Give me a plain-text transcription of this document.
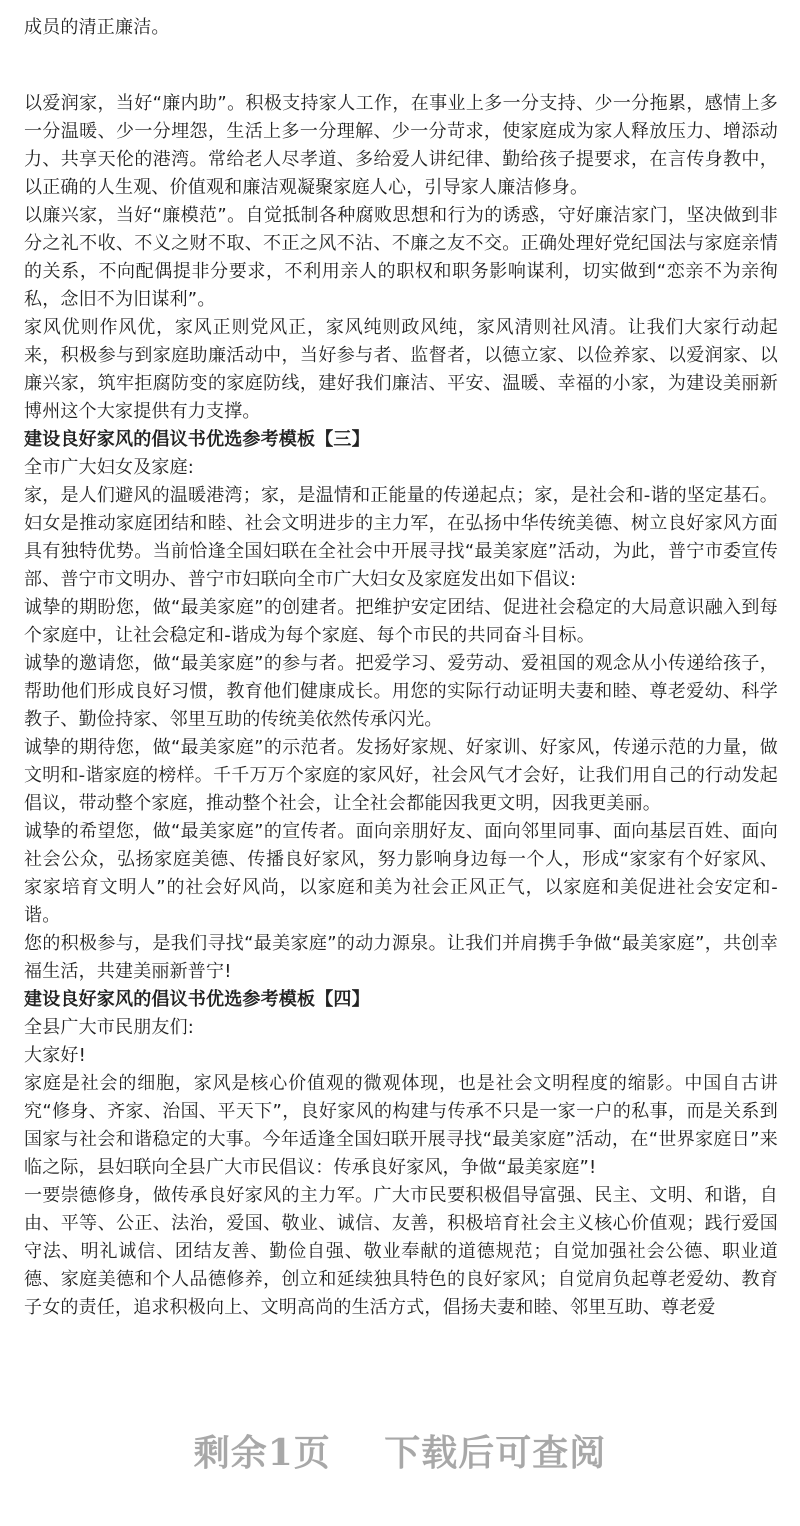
成员的清正廉洁。

以爱润家，当好“廉内助”。积极支持家人工作，在事业上多一分支持、少一分拖累，感情上多一分温暖、少一分埋怨，生活上多一分理解、少一分苛求，使家庭成为家人释放压力、增添动力、共享天伦的港湾。常给老人尽孝道、多给爱人讲纪律、勤给孩子提要求，在言传身教中，以正确的人生观、价值观和廉洁观凝聚家庭人心，引导家人廉洁修身。

以廉兴家，当好“廉模范”。自觉抵制各种腐败思想和行为的诱惑，守好廉洁家门，坚决做到非分之礼不收、不义之财不取、不正之风不沾、不廉之友不交。正确处理好党纪国法与家庭亲情的关系，不向配偶提非分要求，不利用亲人的职权和职务影响谋利，切实做到“恋亲不为亲徇私，念旧不为旧谋利”。

家风优则作风优，家风正则党风正，家风纯则政风纯，家风清则社风清。让我们大家行动起来，积极参与到家庭助廉活动中，当好参与者、监督者，以德立家、以俭养家、以爱润家、以廉兴家，筑牢拒腐防变的家庭防线，建好我们廉洁、平安、温暖、幸福的小家，为建设美丽新博州这个大家提供有力支撑。

建设良好家风的倡议书优选参考模板【三】

全市广大妇女及家庭:

家，是人们避风的温暖港湾；家，是温情和正能量的传递起点；家，是社会和-谐的坚定基石。妇女是推动家庭团结和睦、社会文明进步的主力军，在弘扬中华传统美德、树立良好家风方面具有独特优势。当前恰逢全国妇联在全社会中开展寻找“最美家庭”活动，为此，普宁市委宣传部、普宁市文明办、普宁市妇联向全市广大妇女及家庭发出如下倡议:

诚挚的期盼您，做“最美家庭”的创建者。把维护安定团结、促进社会稳定的大局意识融入到每个家庭中，让社会稳定和-谐成为每个家庭、每个市民的共同奋斗目标。

诚挚的邀请您，做“最美家庭”的参与者。把爱学习、爱劳动、爱祖国的观念从小传递给孩子，帮助他们形成良好习惯，教育他们健康成长。用您的实际行动证明夫妻和睦、尊老爱幼、科学教子、勤俭持家、邻里互助的传统美依然传承闪光。

诚挚的期待您，做“最美家庭”的示范者。发扬好家规、好家训、好家风，传递示范的力量，做文明和-谐家庭的榜样。千千万万个家庭的家风好，社会风气才会好，让我们用自己的行动发起倡议，带动整个家庭，推动整个社会，让全社会都能因我更文明，因我更美丽。

诚挚的希望您，做“最美家庭”的宣传者。面向亲朋好友、面向邻里同事、面向基层百姓、面向社会公众，弘扬家庭美德、传播良好家风，努力影响身边每一个人，形成“家家有个好家风、家家培育文明人”的社会好风尚，以家庭和美为社会正风正气，以家庭和美促进社会安定和-谐。

您的积极参与，是我们寻找“最美家庭”的动力源泉。让我们并肩携手争做“最美家庭”，共创幸福生活，共建美丽新普宁!

建设良好家风的倡议书优选参考模板【四】

全县广大市民朋友们:

大家好!

家庭是社会的细胞，家风是核心价值观的微观体现，也是社会文明程度的缩影。中国自古讲究“修身、齐家、治国、平天下”，良好家风的构建与传承不只是一家一户的私事，而是关系到国家与社会和谐稳定的大事。今年适逢全国妇联开展寻找“最美家庭”活动，在“世界家庭日”来临之际，县妇联向全县广大市民倡议：传承良好家风，争做“最美家庭”!

一要崇德修身，做传承良好家风的主力军。广大市民要积极倡导富强、民主、文明、和谐，自由、平等、公正、法治，爱国、敬业、诚信、友善，积极培育社会主义核心价值观；践行爱国守法、明礼诚信、团结友善、勤俭自强、敬业奉献的道德规范；自觉加强社会公德、职业道德、家庭美德和个人品德修养，创立和延续独具特色的良好家风；自觉肩负起尊老爱幼、教育子女的责任，追求积极向上、文明高尚的生活方式，倡扬夫妻和睦、邻里互助、尊老爱

剩余1页 下载后可查阅
